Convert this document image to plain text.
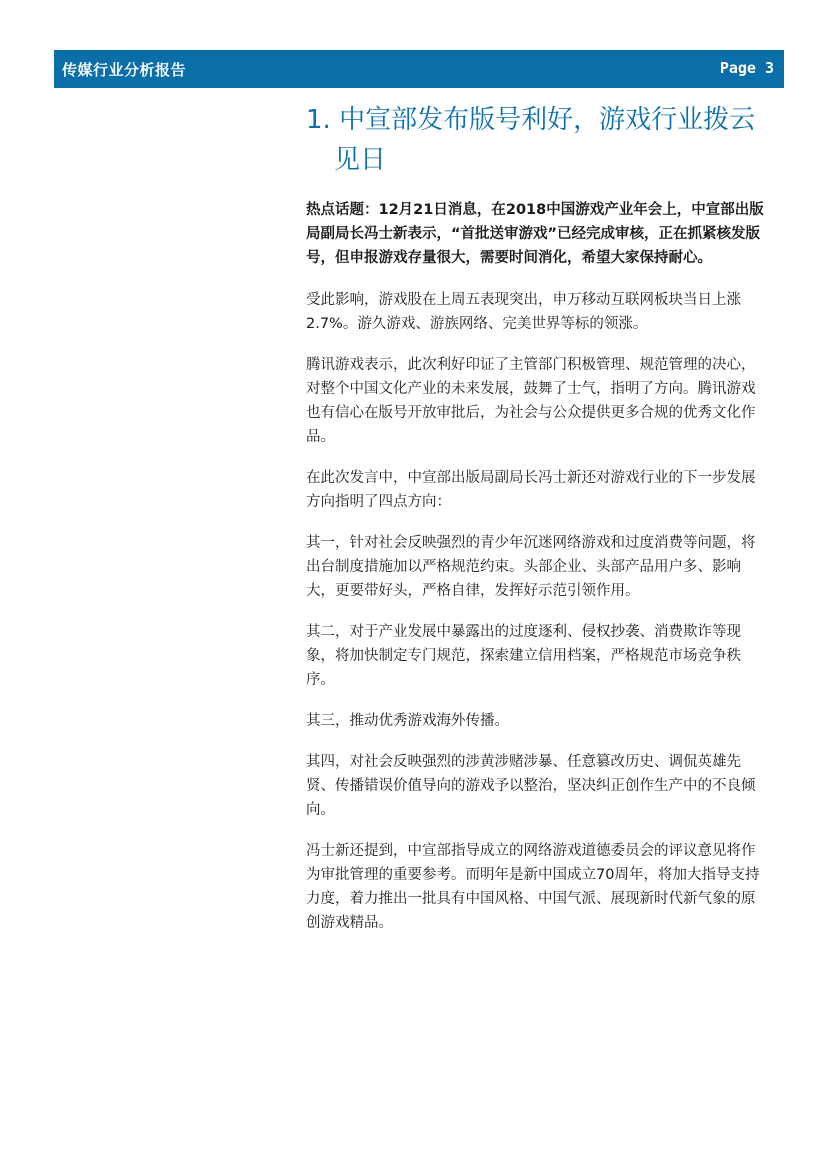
传媒行业分析报告	Page 3
1. 中宣部发布版号利好，游戏行业拨云见日

热点话题：12月21日消息，在2018中国游戏产业年会上，中宣部出版局副局长冯士新表示，“首批送审游戏”已经完成审核，正在抓紧核发版号，但申报游戏存量很大，需要时间消化，希望大家保持耐心。

受此影响，游戏股在上周五表现突出，申万移动互联网板块当日上涨2.7%。游久游戏、游族网络、完美世界等标的领涨。

腾讯游戏表示，此次利好印证了主管部门积极管理、规范管理的决心，对整个中国文化产业的未来发展，鼓舞了士气，指明了方向。腾讯游戏也有信心在版号开放审批后，为社会与公众提供更多合规的优秀文化作品。

在此次发言中，中宣部出版局副局长冯士新还对游戏行业的下一步发展方向指明了四点方向：

其一，针对社会反映强烈的青少年沉迷网络游戏和过度消费等问题，将出台制度措施加以严格规范约束。头部企业、头部产品用户多、影响大，更要带好头，严格自律，发挥好示范引领作用。

其二，对于产业发展中暴露出的过度逐利、侵权抄袭、消费欺诈等现象，将加快制定专门规范，探索建立信用档案，严格规范市场竞争秩序。

其三，推动优秀游戏海外传播。

其四，对社会反映强烈的涉黄涉赌涉暴、任意篡改历史、调侃英雄先贤、传播错误价值导向的游戏予以整治，坚决纠正创作生产中的不良倾向。

冯士新还提到，中宣部指导成立的网络游戏道德委员会的评议意见将作为审批管理的重要参考。而明年是新中国成立70周年，将加大指导支持力度，着力推出一批具有中国风格、中国气派、展现新时代新气象的原创游戏精品。
